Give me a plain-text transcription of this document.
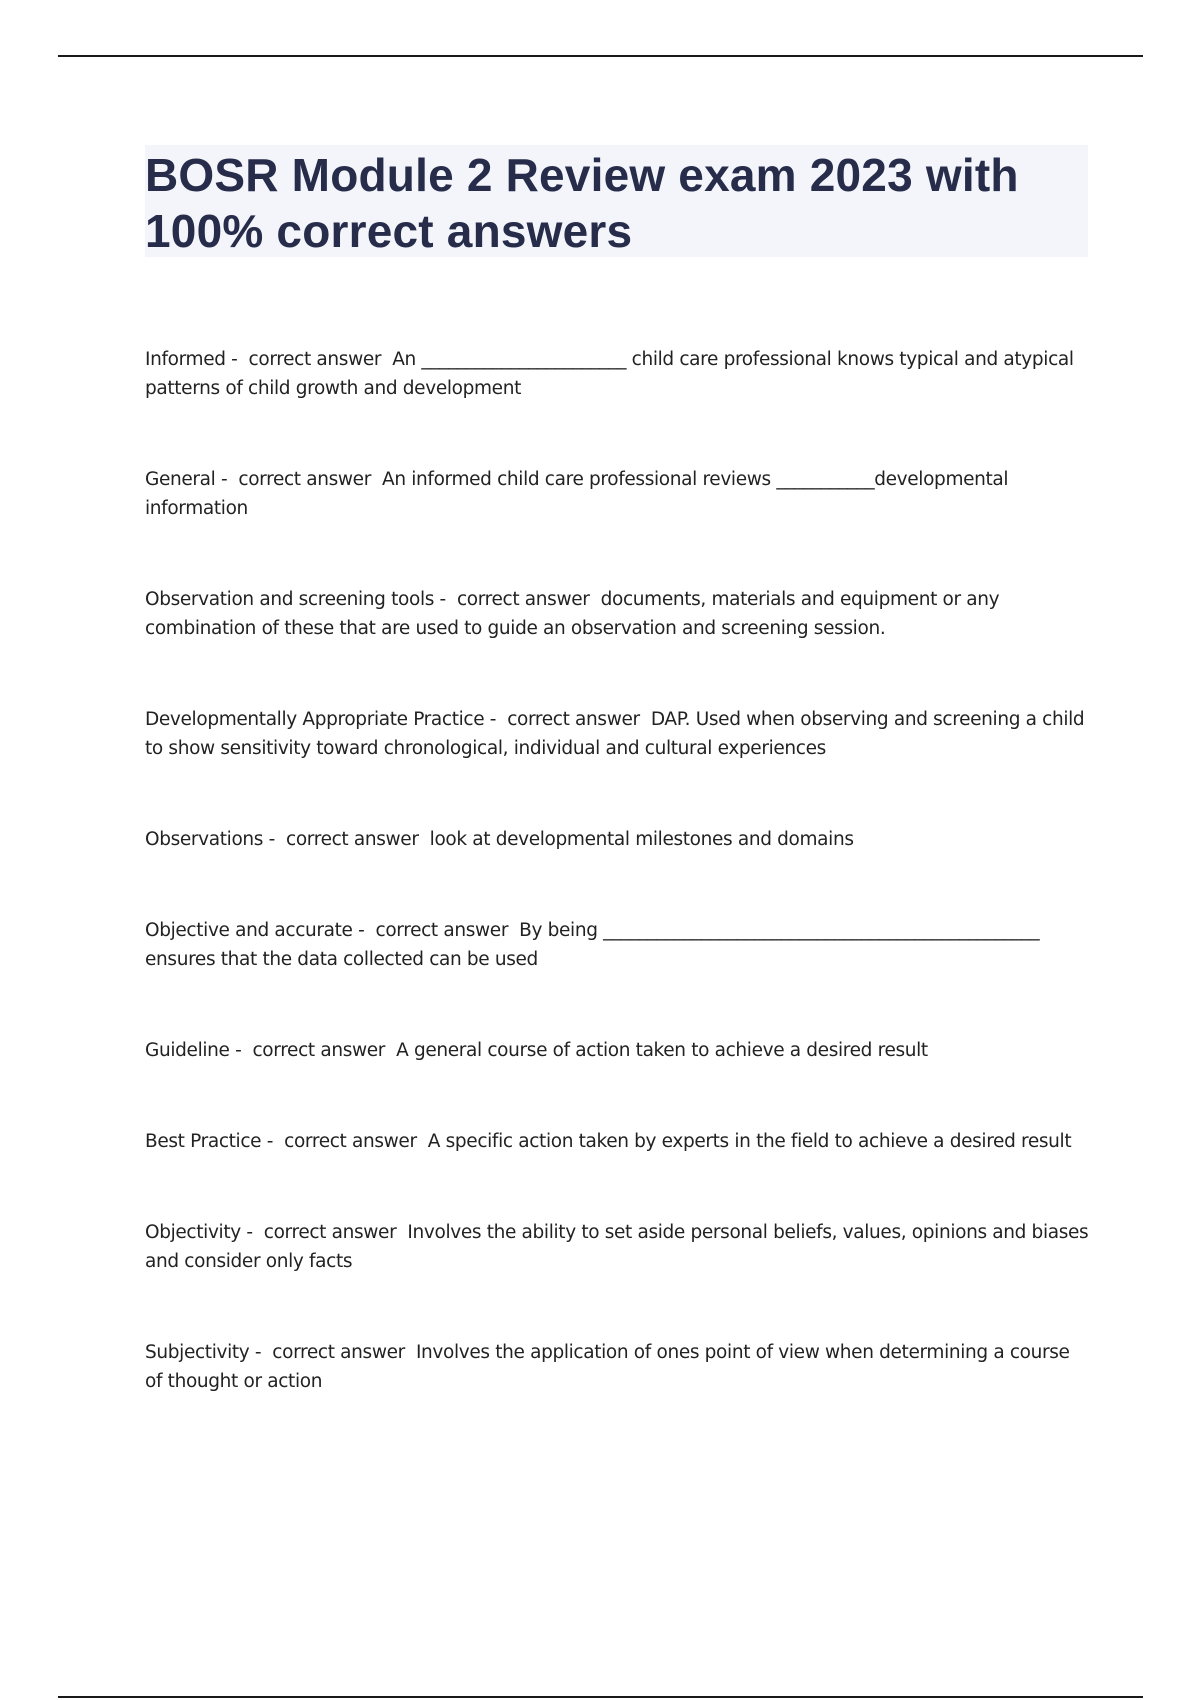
BOSR Module 2 Review exam 2023 with 100% correct answers
Informed -  correct answer  An _______________________ child care professional knows typical and atypical patterns of child growth and development
General -  correct answer  An informed child care professional reviews ___________developmental information
Observation and screening tools -  correct answer  documents, materials and equipment or any combination of these that are used to guide an observation and screening session.
Developmentally Appropriate Practice -  correct answer  DAP. Used when observing and screening a child to show sensitivity toward chronological, individual and cultural experiences
Observations -  correct answer  look at developmental milestones and domains
Objective and accurate -  correct answer  By being _________________________________________________ ensures that the data collected can be used
Guideline -  correct answer  A general course of action taken to achieve a desired result
Best Practice -  correct answer  A specific action taken by experts in the field to achieve a desired result
Objectivity -  correct answer  Involves the ability to set aside personal beliefs, values, opinions and biases and consider only facts
Subjectivity -  correct answer  Involves the application of ones point of view when determining a course of thought or action
